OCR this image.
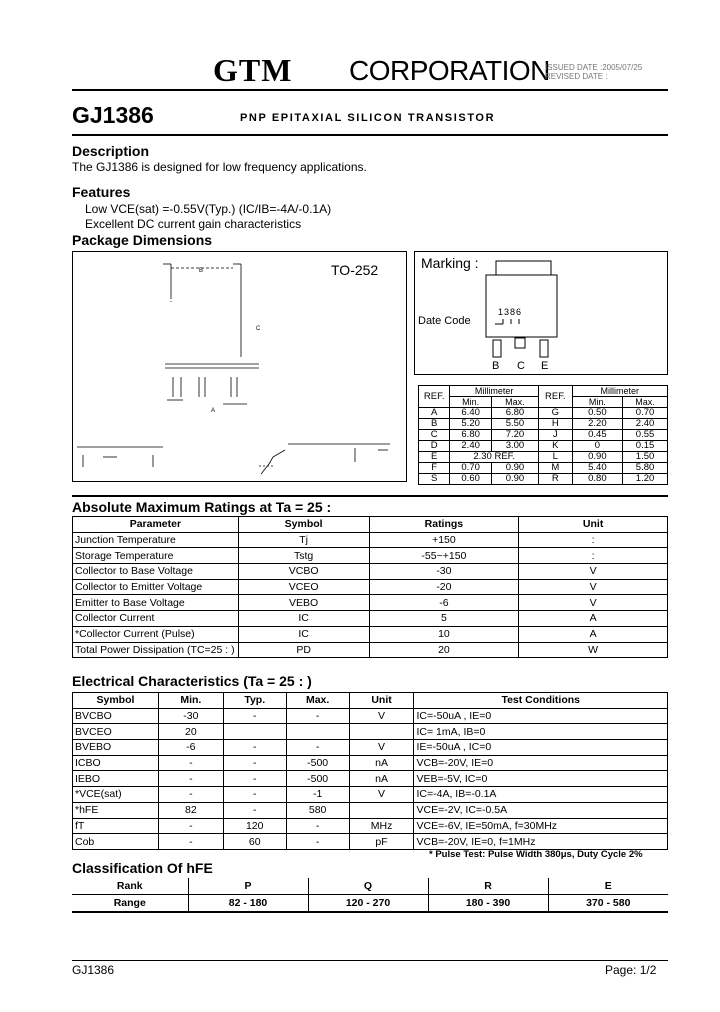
GTM CORPORATION
ISSUED DATE :2005/07/25
REVISED DATE :
GJ1386	PNP EPITAXIAL SILICON TRANSISTOR
Description
The GJ1386 is designed for low frequency applications.
Features
Low VCE(sat) =-0.55V(Typ.) (IC/IB=-4A/-0.1A)
Excellent DC current gain characteristics
Package Dimensions
TO-252
B
C
A
Marking :
Date Code
1386
B C E
REF.	Millimeter		REF.	Millimeter	
	Min.	Max.		Min.	Max.
A	6.40	6.80	G	0.50	0.70
B	5.20	5.50	H	2.20	2.40
C	6.80	7.20	J	0.45	0.55
D	2.40	3.00	K	0	0.15
E	2.30 REF.		L	0.90	1.50
F	0.70	0.90	M	5.40	5.80
S	0.60	0.90	R	0.80	1.20
Absolute Maximum Ratings at Ta = 25 :
Parameter	Symbol	Ratings	Unit
Junction Temperature	Tj	+150	:
Storage Temperature	Tstg	-55~+150	:
Collector to Base Voltage	VCBO	-30	V
Collector to Emitter Voltage	VCEO	-20	V
Emitter to Base Voltage	VEBO	-6	V
Collector Current	IC	5	A
*Collector Current (Pulse)	IC	10	A
Total Power Dissipation (TC=25 : )	PD	20	W
Electrical Characteristics (Ta = 25 : )
Symbol	Min.	Typ.	Max.	Unit	Test Conditions
BVCBO	-30	-	-	V	IC=-50uA , IE=0
BVCEO	20				IC= 1mA, IB=0
BVEBO	-6	-	-	V	IE=-50uA , IC=0
ICBO	-	-	-500	nA	VCB=-20V, IE=0
IEBO	-	-	-500	nA	VEB=-5V, IC=0
*VCE(sat)	-	-	-1	V	IC=-4A, IB=-0.1A
*hFE	82	-	580		VCE=-2V, IC=-0.5A
fT	-	120	-	MHz	VCE=-6V, IE=50mA, f=30MHz
Cob	-	60	-	pF	VCB=-20V, IE=0, f=1MHz
* Pulse Test: Pulse Width 380μs, Duty Cycle 2%
Classification Of hFE
Rank	P	Q	R	E
Range	82 - 180	120 - 270	180 - 390	370 - 580
GJ1386	Page: 1/2
